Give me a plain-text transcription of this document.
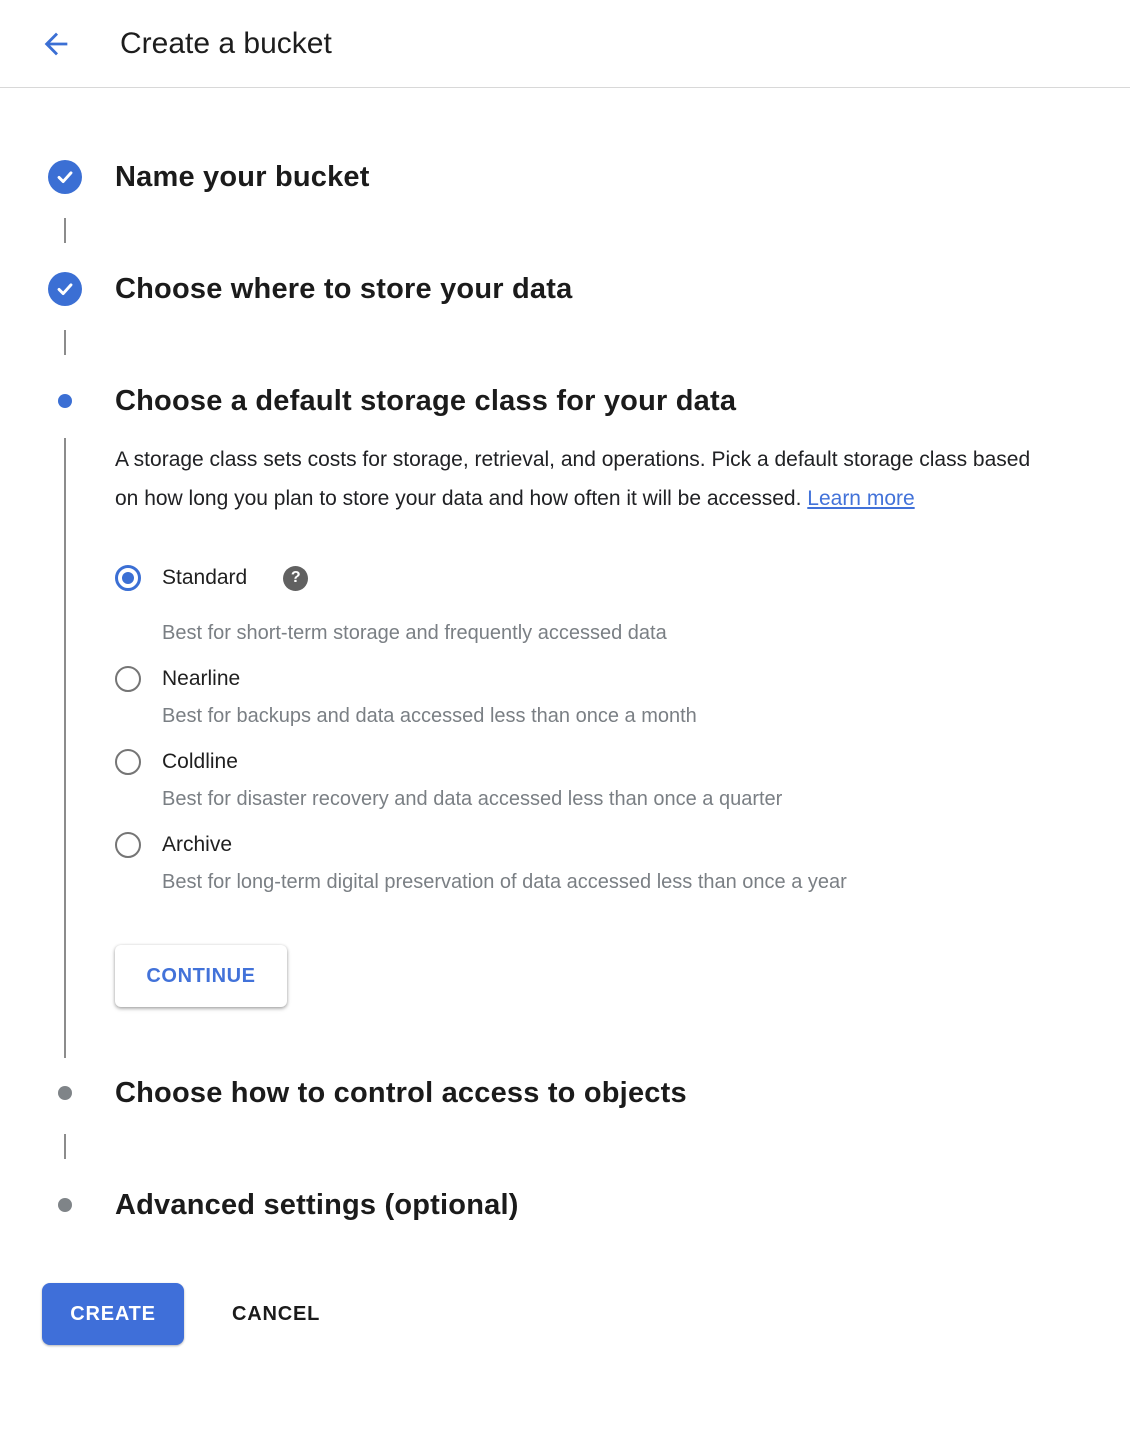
Create a bucket
Name your bucket
Choose where to store your data
Choose a default storage class for your data

A storage class sets costs for storage, retrieval, and operations. Pick a default storage class based on how long you plan to store your data and how often it will be accessed. Learn more

Standard	?
Best for short-term storage and frequently accessed data
Nearline
Best for backups and data accessed less than once a month
Coldline
Best for disaster recovery and data accessed less than once a quarter
Archive
Best for long-term digital preservation of data accessed less than once a year
CONTINUE
Choose how to control access to objects
Advanced settings (optional)
CREATE	CANCEL
